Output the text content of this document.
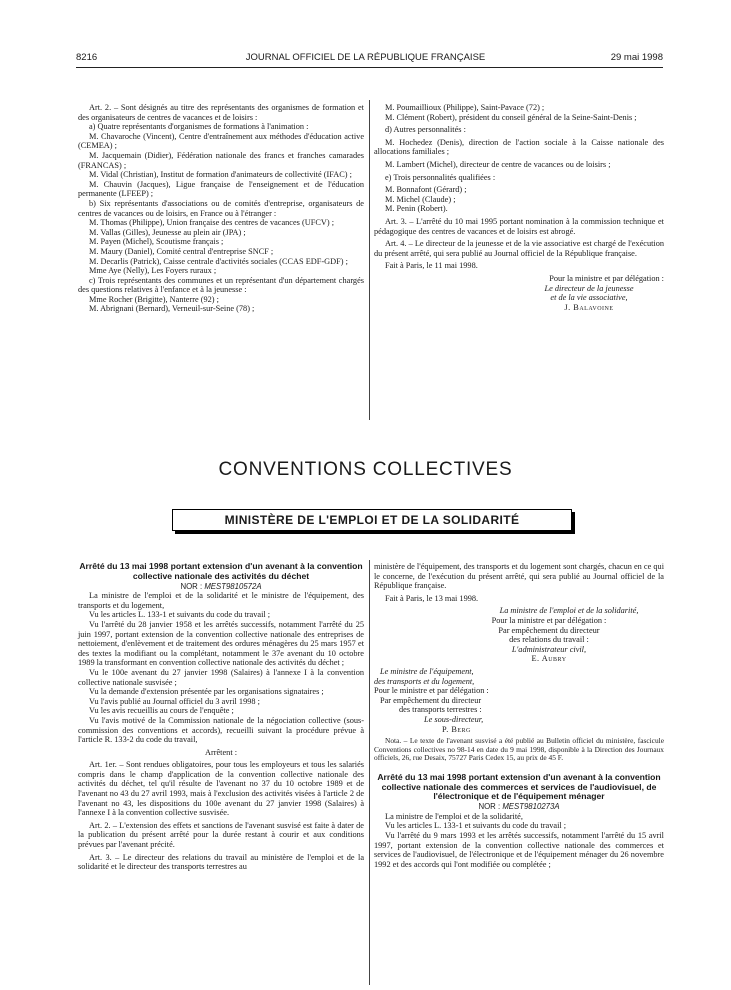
8216	JOURNAL OFFICIEL DE LA RÉPUBLIQUE FRANÇAISE	29 mai 1998

Art. 2. – Sont désignés au titre des représentants des organismes de formation et des organisateurs de centres de vacances et de loisirs :

a) Quatre représentants d'organismes de formations à l'animation :

M. Chavaroche (Vincent), Centre d'entraînement aux méthodes d'éducation active (CEMEA) ;

M. Jacquemain (Didier), Fédération nationale des francs et franches camarades (FRANCAS) ;

M. Vidal (Christian), Institut de formation d'animateurs de collectivité (IFAC) ;

M. Chauvin (Jacques), Ligue française de l'enseignement et de l'éducation permanente (LFEEP) ;

b) Six représentants d'associations ou de comités d'entreprise, organisateurs de centres de vacances ou de loisirs, en France ou à l'étranger :

M. Thomas (Philippe), Union française des centres de vacances (UFCV) ;

M. Vallas (Gilles), Jeunesse au plein air (JPA) ;

M. Payen (Michel), Scoutisme français ;

M. Maury (Daniel), Comité central d'entreprise SNCF ;

M. Decarlis (Patrick), Caisse centrale d'activités sociales (CCAS EDF-GDF) ;

Mme Aye (Nelly), Les Foyers ruraux ;

c) Trois représentants des communes et un représentant d'un département chargés des questions relatives à l'enfance et à la jeunesse :

Mme Rocher (Brigitte), Nanterre (92) ;

M. Abrignani (Bernard), Verneuil-sur-Seine (78) ;

M. Poumaillioux (Philippe), Saint-Pavace (72) ;

M. Clément (Robert), président du conseil général de la Seine-Saint-Denis ;

d) Autres personnalités :

M. Hochedez (Denis), direction de l'action sociale à la Caisse nationale des allocations familiales ;

M. Lambert (Michel), directeur de centre de vacances ou de loisirs ;

e) Trois personnalités qualifiées :

M. Bonnafont (Gérard) ;

M. Michel (Claude) ;

M. Penin (Robert).

Art. 3. – L'arrêté du 10 mai 1995 portant nomination à la commission technique et pédagogique des centres de vacances et de loisirs est abrogé.

Art. 4. – Le directeur de la jeunesse et de la vie associative est chargé de l'exécution du présent arrêté, qui sera publié au Journal officiel de la République française.

Fait à Paris, le 11 mai 1998.

Pour la ministre et par délégation :

Le directeur de la jeunesse

et de la vie associative,

J. Balavoine

CONVENTIONS COLLECTIVES
MINISTÈRE DE L'EMPLOI ET DE LA SOLIDARITÉ

Arrêté du 13 mai 1998 portant extension d'un avenant à la convention collective nationale des activités du déchet

NOR : MEST9810572A

La ministre de l'emploi et de la solidarité et le ministre de l'équipement, des transports et du logement,

Vu les articles L. 133-1 et suivants du code du travail ;

Vu l'arrêté du 28 janvier 1958 et les arrêtés successifs, notamment l'arrêté du 25 juin 1997, portant extension de la convention collective nationale des entreprises de nettoiement, d'enlèvement et de traitement des ordures ménagères du 25 mars 1957 et des textes la modifiant ou la complétant, notamment le 37e avenant du 10 octobre 1989 la transformant en convention collective nationale des activités du déchet ;

Vu le 100e avenant du 27 janvier 1998 (Salaires) à l'annexe I à la convention collective nationale susvisée ;

Vu la demande d'extension présentée par les organisations signataires ;

Vu l'avis publié au Journal officiel du 3 avril 1998 ;

Vu les avis recueillis au cours de l'enquête ;

Vu l'avis motivé de la Commission nationale de la négociation collective (sous-commission des conventions et accords), recueilli suivant la procédure prévue à l'article R. 133-2 du code du travail,

Arrêtent :

Art. 1er. – Sont rendues obligatoires, pour tous les employeurs et tous les salariés compris dans le champ d'application de la convention collective nationale des activités du déchet, tel qu'il résulte de l'avenant no 37 du 10 octobre 1989 et de l'avenant no 43 du 27 avril 1993, mais à l'exclusion des activités visées à l'article 2 de l'avenant no 43, les dispositions du 100e avenant du 27 janvier 1998 (Salaires) à l'annexe I à la convention collective susvisée.

Art. 2. – L'extension des effets et sanctions de l'avenant susvisé est faite à dater de la publication du présent arrêté pour la durée restant à courir et aux conditions prévues par l'avenant précité.

Art. 3. – Le directeur des relations du travail au ministère de l'emploi et de la solidarité et le directeur des transports terrestres au

ministère de l'équipement, des transports et du logement sont chargés, chacun en ce qui le concerne, de l'exécution du présent arrêté, qui sera publié au Journal officiel de la République française.

Fait à Paris, le 13 mai 1998.

La ministre de l'emploi et de la solidarité,

Pour la ministre et par délégation :

Par empêchement du directeur

des relations du travail :

L'administrateur civil,

E. Aubry

Le ministre de l'équipement,

des transports et du logement,

Pour le ministre et par délégation :

Par empêchement du directeur

des transports terrestres :

Le sous-directeur,

P. Berg

Nota. – Le texte de l'avenant susvisé a été publié au Bulletin officiel du ministère, fascicule Conventions collectives no 98-14 en date du 9 mai 1998, disponible à la Direction des Journaux officiels, 26, rue Desaix, 75727 Paris Cedex 15, au prix de 45 F.

Arrêté du 13 mai 1998 portant extension d'un avenant à la convention collective nationale des commerces et services de l'audiovisuel, de l'électronique et de l'équipement ménager

NOR : MEST9810273A

La ministre de l'emploi et de la solidarité,

Vu les articles L. 133-1 et suivants du code du travail ;

Vu l'arrêté du 9 mars 1993 et les arrêtés successifs, notamment l'arrêté du 15 avril 1997, portant extension de la convention collective nationale des commerces et services de l'audiovisuel, de l'électronique et de l'équipement ménager du 26 novembre 1992 et des accords qui l'ont modifiée ou complétée ;
